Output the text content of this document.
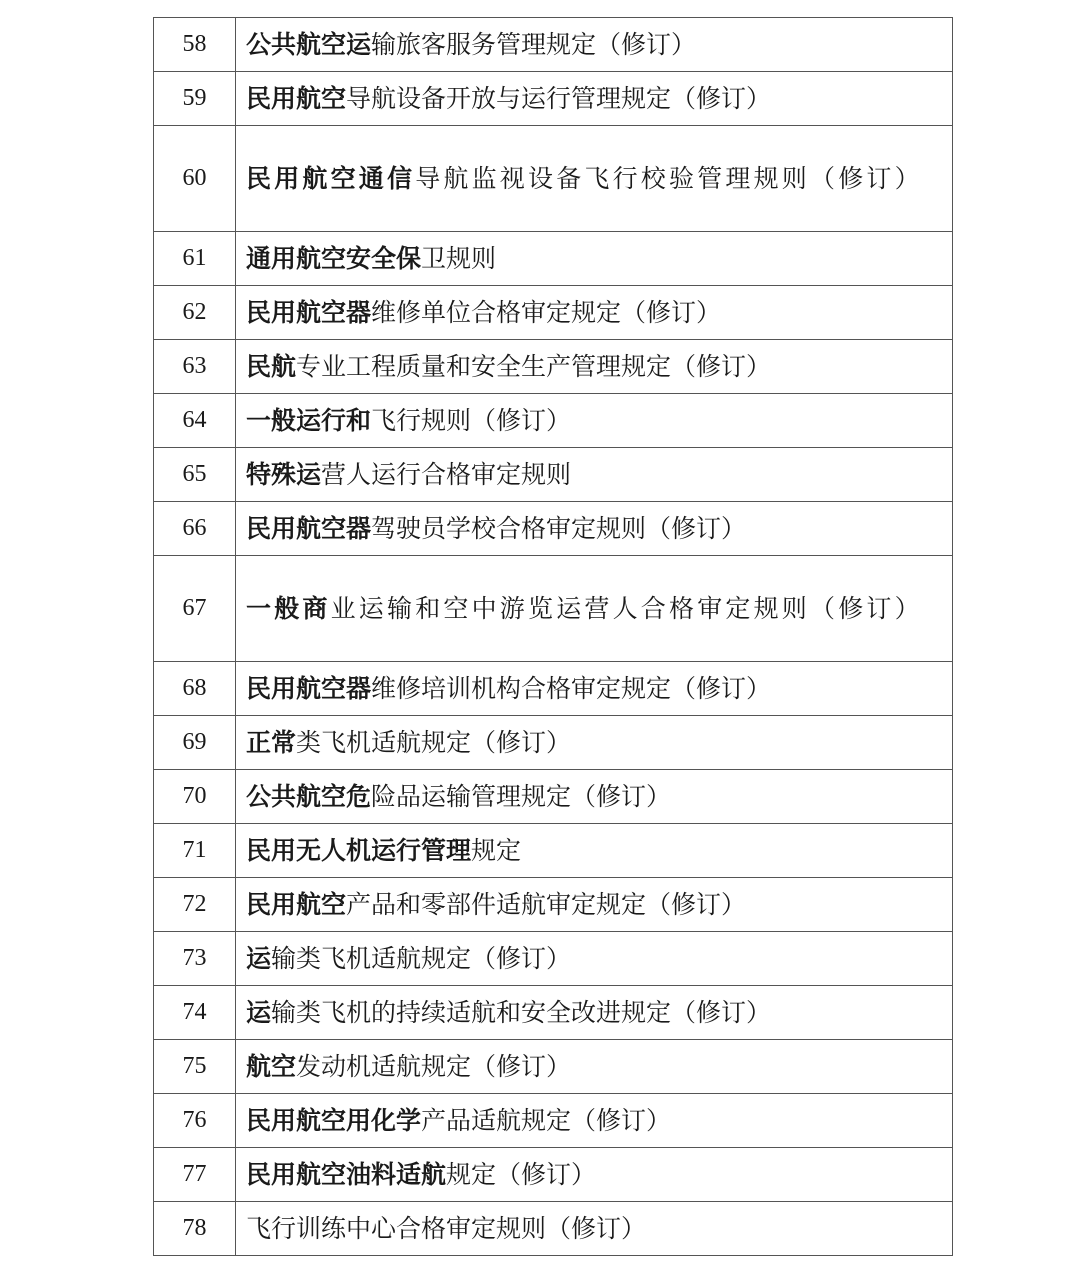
58	公共航空运输旅客服务管理规定（修订）
59	民用航空导航设备开放与运行管理规定（修订）
60	民用航空通信导航监视设备飞行校验管理规则（修订）
61	通用航空安全保卫规则
62	民用航空器维修单位合格审定规定（修订）
63	民航专业工程质量和安全生产管理规定（修订）
64	一般运行和飞行规则（修订）
65	特殊运营人运行合格审定规则
66	民用航空器驾驶员学校合格审定规则（修订）
67	一般商业运输和空中游览运营人合格审定规则（修订）
68	民用航空器维修培训机构合格审定规定（修订）
69	正常类飞机适航规定（修订）
70	公共航空危险品运输管理规定（修订）
71	民用无人机运行管理规定
72	民用航空产品和零部件适航审定规定（修订）
73	运输类飞机适航规定（修订）
74	运输类飞机的持续适航和安全改进规定（修订）
75	航空发动机适航规定（修订）
76	民用航空用化学产品适航规定（修订）
77	民用航空油料适航规定（修订）
78	飞行训练中心合格审定规则（修订）
